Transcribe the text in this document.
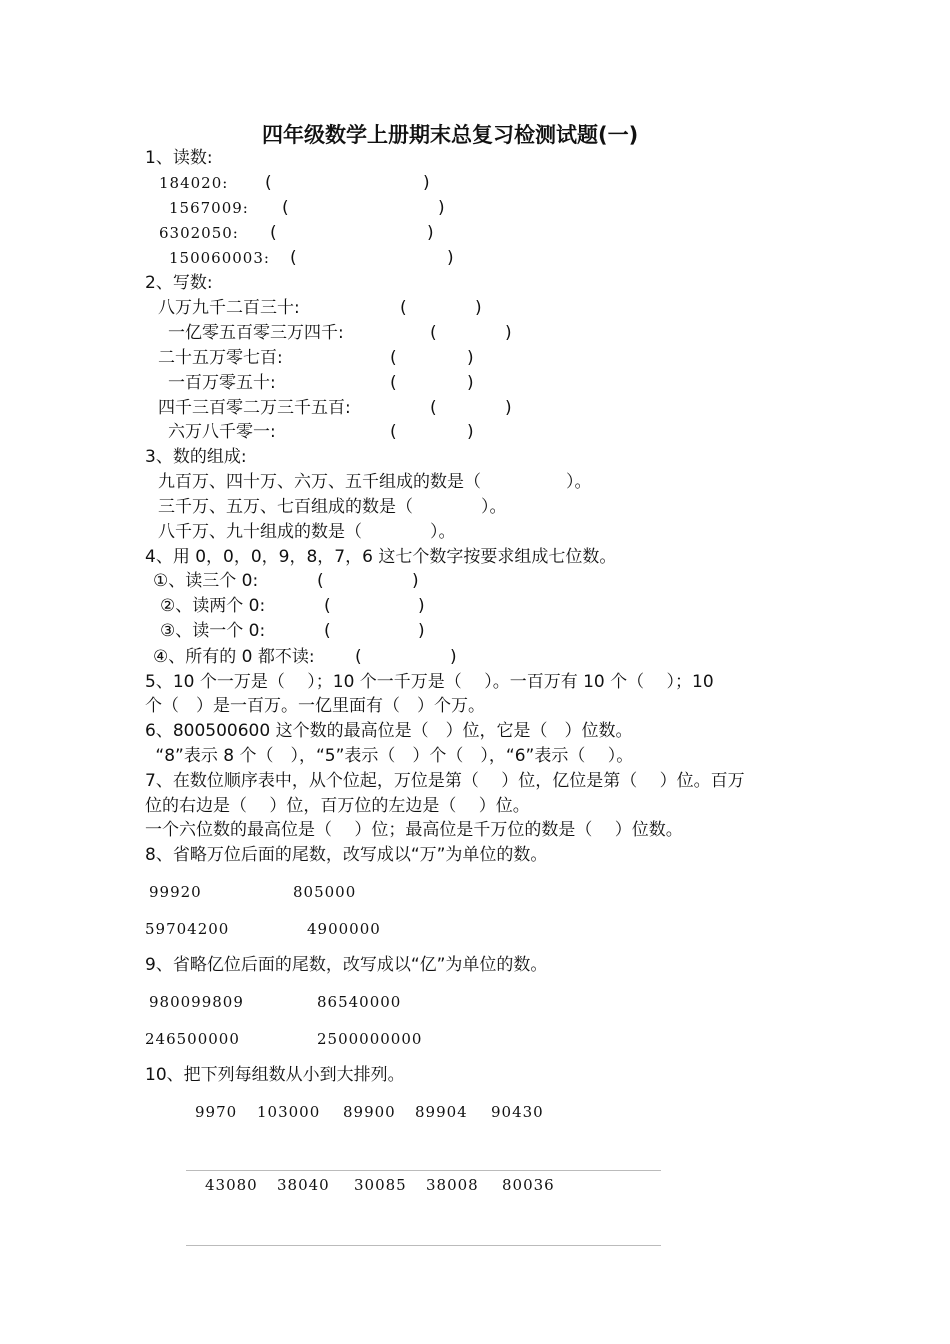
四年级数学上册期末总复习检测试题(一)
1、读数:
184020: (	)
1567009: (	)
6302050: (	)
150060003: (	)
2、写数:
八万九千二百三十:	(	)
一亿零五百零三万四千:	(	)
二十五万零七百:	(	)
一百万零五十:	(	)
四千三百零二万三千五百:	(	)
六万八千零一:	(	)
3、数的组成:
九百万、四十万、六万、五千组成的数是（　　　　　）。
三千万、五万、七百组成的数是（　　　　）。
八千万、九十组成的数是（　　　　）。
4、用 0，0，0，9，8，7，6 这七个数字按要求组成七位数。
①、读三个 0:	(	)
②、读两个 0:	(	)
③、读一个 0:	(	)
④、所有的 0 都不读: (	)
5、10 个一万是（　 ）；10 个一千万是（　 ）。一百万有 10 个（　 ）；10
个（　）是一百万。一亿里面有（　）个万。
6、800500600 这个数的最高位是（　）位，它是（　）位数。
“8”表示 8 个（　），“5”表示（　）个（　），“6”表示（　 ）。
7、在数位顺序表中，从个位起，万位是第（　 ）位，亿位是第（　 ）位。百万
位的右边是（　 ）位，百万位的左边是（　 ）位。
一个六位数的最高位是（　 ）位；最高位是千万位的数是（　 ）位数。
8、省略万位后面的尾数，改写成以“万”为单位的数。
99920	805000
59704200	4900000
9、省略亿位后面的尾数，改写成以“亿”为单位的数。
980099809	86540000
246500000	2500000000
10、把下列每组数从小到大排列。
9970 103000 89900 89904 90430
43080 38040 30085 38008 80036
